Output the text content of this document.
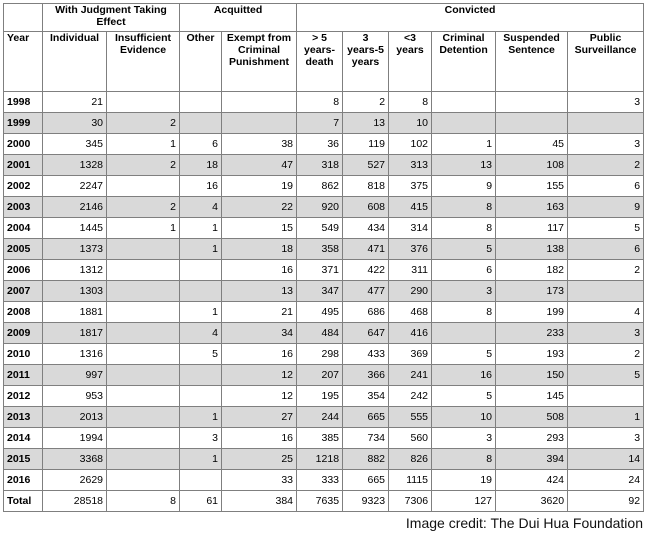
	With Judgment Taking Effect		Acquitted		Convicted					
Year	Individual	Insufficient Evidence	Other	Exempt from Criminal Punishment	> 5 years-death	3 years-5 years	<3 years	Criminal Detention	Suspended Sentence	Public Surveillance
1998	21				8	2	8			3
1999	30	2			7	13	10			
2000	345	1	6	38	36	119	102	1	45	3
2001	1328	2	18	47	318	527	313	13	108	2
2002	2247		16	19	862	818	375	9	155	6
2003	2146	2	4	22	920	608	415	8	163	9
2004	1445	1	1	15	549	434	314	8	117	5
2005	1373		1	18	358	471	376	5	138	6
2006	1312			16	371	422	311	6	182	2
2007	1303			13	347	477	290	3	173	
2008	1881		1	21	495	686	468	8	199	4
2009	1817		4	34	484	647	416		233	3
2010	1316		5	16	298	433	369	5	193	2
2011	997			12	207	366	241	16	150	5
2012	953			12	195	354	242	5	145	
2013	2013		1	27	244	665	555	10	508	1
2014	1994		3	16	385	734	560	3	293	3
2015	3368		1	25	1218	882	826	8	394	14
2016	2629			33	333	665	1115	19	424	24
Total	28518	8	61	384	7635	9323	7306	127	3620	92
Image credit: The Dui Hua Foundation
